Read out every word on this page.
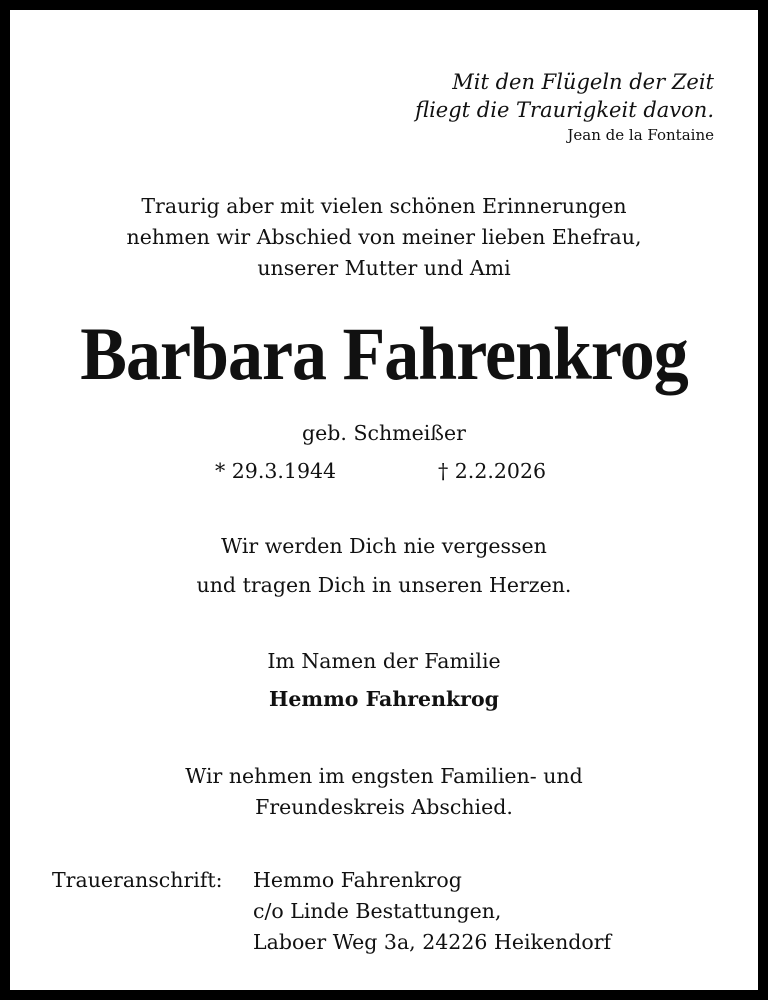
Mit den Flügeln der Zeit
fliegt die Traurigkeit davon.
Jean de la Fontaine
Traurig aber mit vielen schönen Erinnerungen
nehmen wir Abschied von meiner lieben Ehefrau,
unserer Mutter und Ami
Barbara Fahrenkrog
geb. Schmeißer
* 29.3.1944	† 2.2.2026
Wir werden Dich nie vergessen
und tragen Dich in unseren Herzen.
Im Namen der Familie
Hemmo Fahrenkrog
Wir nehmen im engsten Familien- und
Freundeskreis Abschied.
Traueranschrift: Hemmo Fahrenkrog
c/o Linde Bestattungen,
Laboer Weg 3a, 24226 Heikendorf
